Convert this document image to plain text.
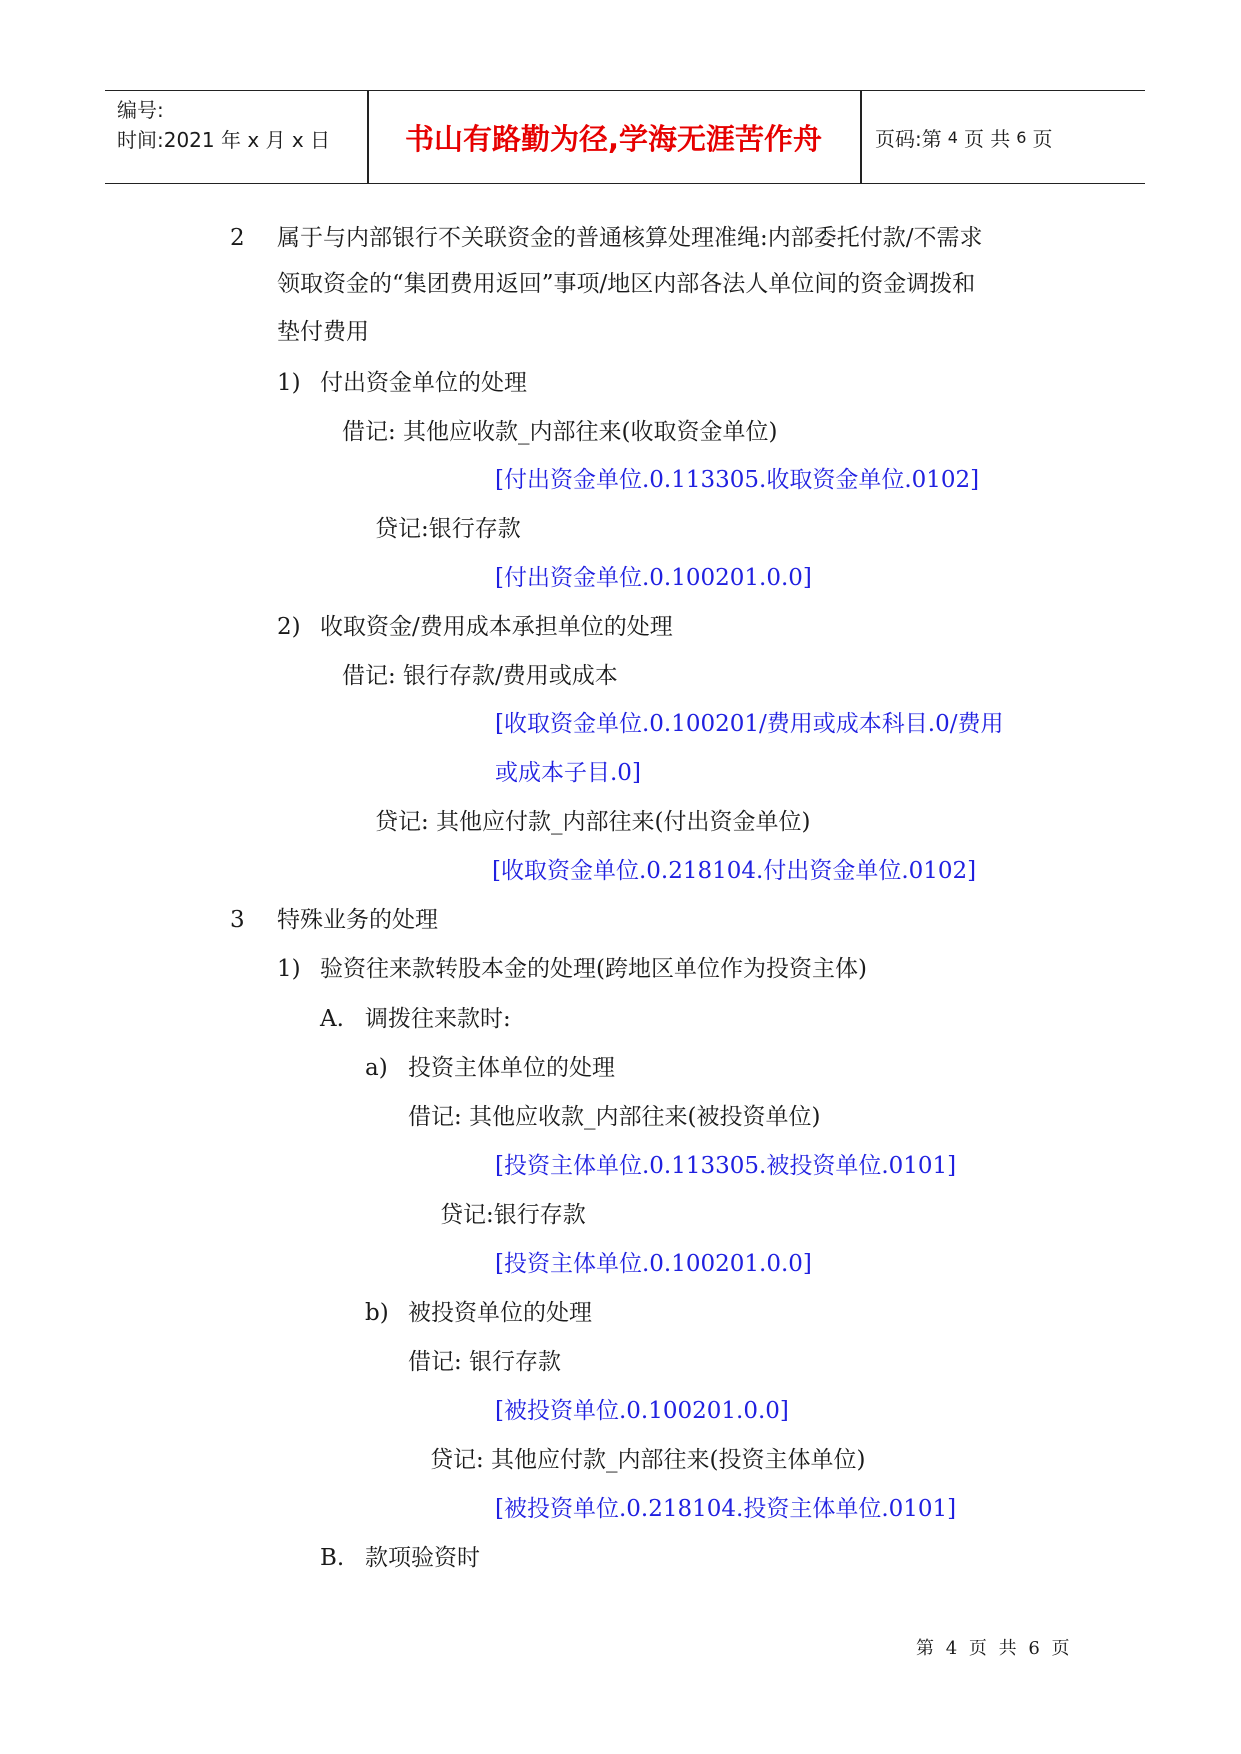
编号:
时间:2021 年 x 月 x 日	书山有路勤为径,学海无涯苦作舟	页码:第 4 页 共 6 页
2 属于与内部银行不关联资金的普通核算处理准绳:内部委托付款/不需求
领取资金的“集团费用返回”事项/地区内部各法人单位间的资金调拨和
垫付费用
1) 付出资金单位的处理
借记: 其他应收款_内部往来(收取资金单位)
[付出资金单位.0.113305.收取资金单位.0102]
贷记:银行存款
[付出资金单位.0.100201.0.0]
2) 收取资金/费用成本承担单位的处理
借记: 银行存款/费用或成本
[收取资金单位.0.100201/费用或成本科目.0/费用
或成本子目.0]
贷记: 其他应付款_内部往来(付出资金单位)
[收取资金单位.0.218104.付出资金单位.0102]
3 特殊业务的处理
1) 验资往来款转股本金的处理(跨地区单位作为投资主体)
A. 调拨往来款时:
a) 投资主体单位的处理
借记: 其他应收款_内部往来(被投资单位)
[投资主体单位.0.113305.被投资单位.0101]
贷记:银行存款
[投资主体单位.0.100201.0.0]
b) 被投资单位的处理
借记: 银行存款
[被投资单位.0.100201.0.0]
贷记: 其他应付款_内部往来(投资主体单位)
[被投资单位.0.218104.投资主体单位.0101]
B. 款项验资时
第 4 页 共 6 页
